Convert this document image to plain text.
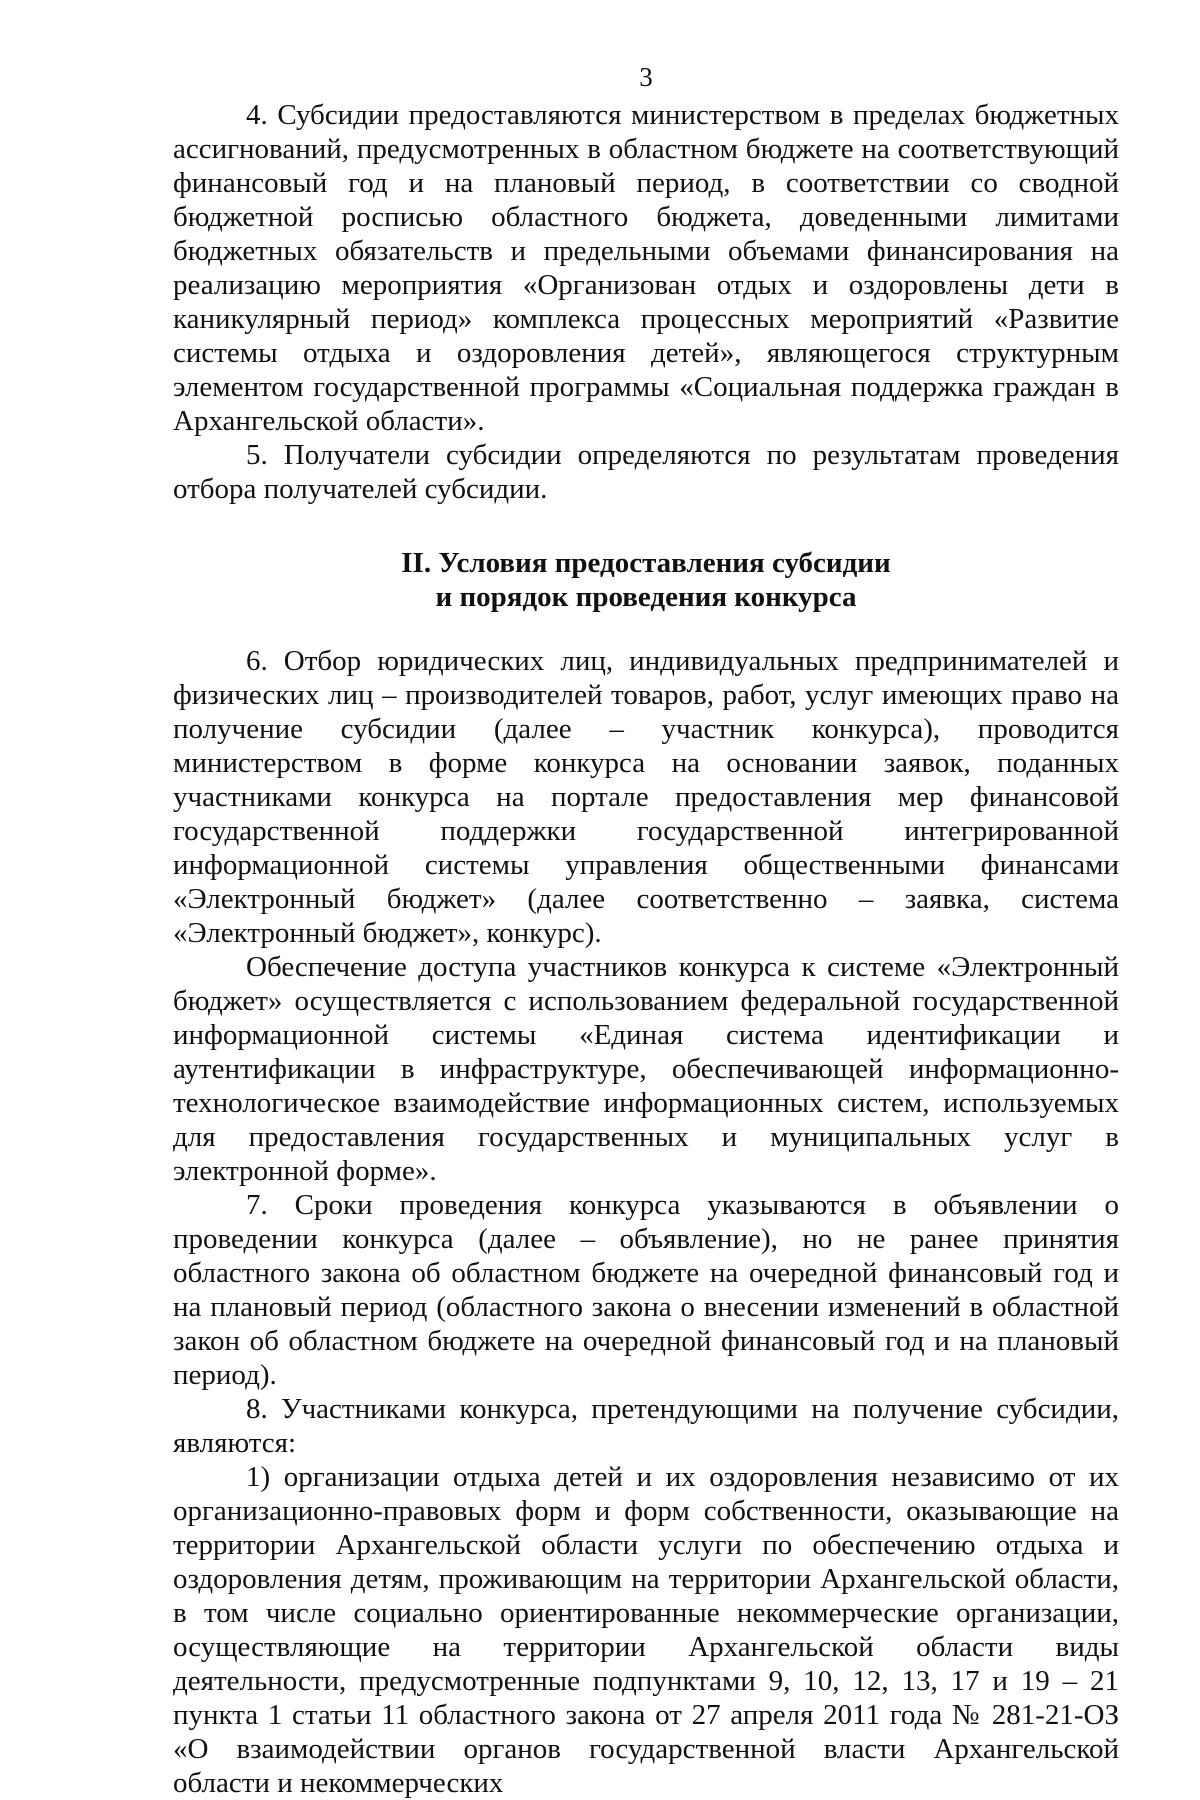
3

4. Субсидии предоставляются министерством в пределах бюджетных ассигнований, предусмотренных в областном бюджете на соответствующий финансовый год и на плановый период, в соответствии со сводной бюджетной росписью областного бюджета, доведенными лимитами бюджетных обязательств и предельными объемами финансирования на реализацию мероприятия «Организован отдых и оздоровлены дети в каникулярный период» комплекса процессных мероприятий «Развитие системы отдыха и оздоровления детей», являющегося структурным элементом государственной программы «Социальная поддержка граждан в Архангельской области».

5. Получатели субсидии определяются по результатам проведения отбора получателей субсидии.

II. Условия предоставления субсидии
и порядок проведения конкурса

6. Отбор юридических лиц, индивидуальных предпринимателей и физических лиц – производителей товаров, работ, услуг имеющих право на получение субсидии (далее – участник конкурса), проводится министерством в форме конкурса на основании заявок, поданных участниками конкурса на портале предоставления мер финансовой государственной поддержки государственной интегрированной информационной системы управления общественными финансами «Электронный бюджет» (далее соответственно – заявка, система «Электронный бюджет», конкурс).

Обеспечение доступа участников конкурса к системе «Электронный бюджет» осуществляется с использованием федеральной государственной информационной системы «Единая система идентификации и аутентификации в инфраструктуре, обеспечивающей информационно-технологическое взаимодействие информационных систем, используемых для предоставления государственных и муниципальных услуг в электронной форме».

7. Сроки проведения конкурса указываются в объявлении о проведении конкурса (далее – объявление), но не ранее принятия областного закона об областном бюджете на очередной финансовый год и на плановый период (областного закона о внесении изменений в областной закон об областном бюджете на очередной финансовый год и на плановый период).

8. Участниками конкурса, претендующими на получение субсидии, являются:

1) организации отдыха детей и их оздоровления независимо от их организационно-правовых форм и форм собственности, оказывающие на территории Архангельской области услуги по обеспечению отдыха и оздоровления детям, проживающим на территории Архангельской области, в том числе социально ориентированные некоммерческие организации, осуществляющие на территории Архангельской области виды деятельности, предусмотренные подпунктами 9, 10, 12, 13, 17 и 19 – 21 пункта 1 статьи 11 областного закона от 27 апреля 2011 года № 281-21-ОЗ «О взаимодействии органов государственной власти Архангельской области и некоммерческих
